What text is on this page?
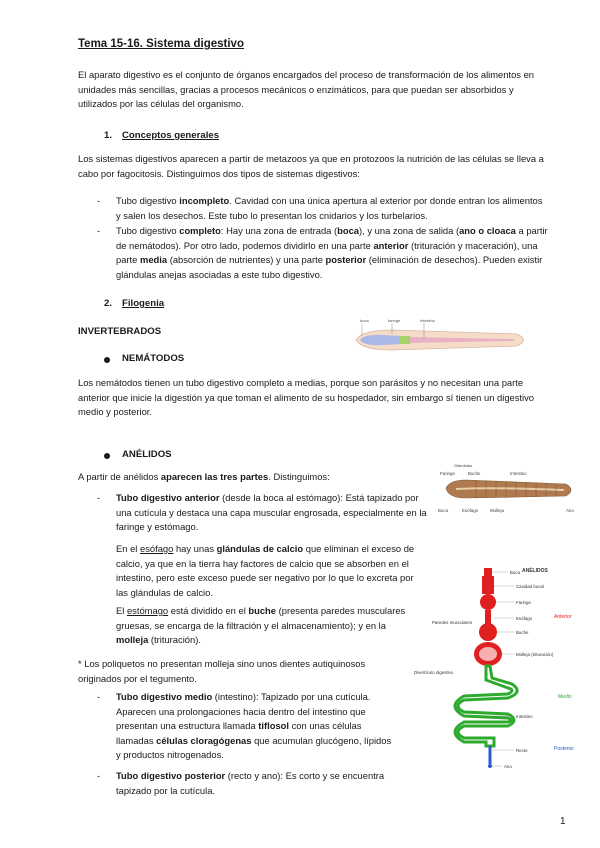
Tema 15-16. Sistema digestivo
El aparato digestivo es el conjunto de órganos encargados del proceso de transformación de los alimentos en unidades más sencillas, gracias a procesos mecánicos o enzimáticos, para que puedan ser absorbidos y utilizados por las células del organismo.
1. Conceptos generales
Los sistemas digestivos aparecen a partir de metazoos ya que en protozoos la nutrición de las células se lleva a cabo por fagocitosis. Distinguimos dos tipos de sistemas digestivos:
-	Tubo digestivo incompleto. Cavidad con una única apertura al exterior por donde entran los alimentos y salen los desechos. Este tubo lo presentan los cnidarios y los turbelarios.
-	Tubo digestivo completo: Hay una zona de entrada (boca), y una zona de salida (ano o cloaca a partir de nemátodos). Por otro lado, podemos dividirlo en una parte anterior (trituración y maceración), una parte media (absorción de nutrientes) y una parte posterior (eliminación de desechos). Pueden existir glándulas anejas asociadas a este tubo digestivo.
2. Filogenia
INVERTEBRADOS
boca	faringe	intestino
NEMÁTODOS
Los nemátodos tienen un tubo digestivo completo a medias, porque son parásitos y no necesitan una parte anterior que inicie la digestión ya que toman el alimento de su hospedador, sin embargo sí tienen un digestivo medio y posterior.
ANÉLIDOS
A partir de anélidos aparecen las tres partes. Distinguimos:
Glándulas
Faringe	Buche	Intestino
Boca	Esófago	Molleja	Ano
-	Tubo digestivo anterior (desde la boca al estómago): Está tapizado por una cutícula y destaca una capa muscular engrosada, especialmente en la faringe y estómago.
En el esófago hay unas glándulas de calcio que eliminan el exceso de calcio, ya que en la tierra hay factores de calcio que se absorben en el intestino, pero este exceso puede ser negativo por lo que lo excreta por las glándulas de calcio.
El estómago está dividido en el buche (presenta paredes musculares gruesas, se encarga de la filtración y el almacenamiento); y en la molleja (trituración).
* Los poliquetos no presentan molleja sino unos dientes autiquinosos originados por el tegumento.
-	Tubo digestivo medio (intestino): Tapizado por una cutícula. Aparecen una prolongaciones hacia dentro del intestino que presentan una estructura llamada tiflosol con unas células llamadas células cloragógenas que acumulan glucógeno, lípidos y productos nitrogenados.
-	Tubo digestivo posterior (recto y ano): Es corto y se encuentra tapizado por la cutícula.
ANÉLIDOS
Boca
Cavidad bucal
Faringe
Esófago
Buche
Molleja (trituración)
Intestino
Recto
Ano
Paredes musculares
Divertículo digestivo
Anterior
Medio
Posterior
1
